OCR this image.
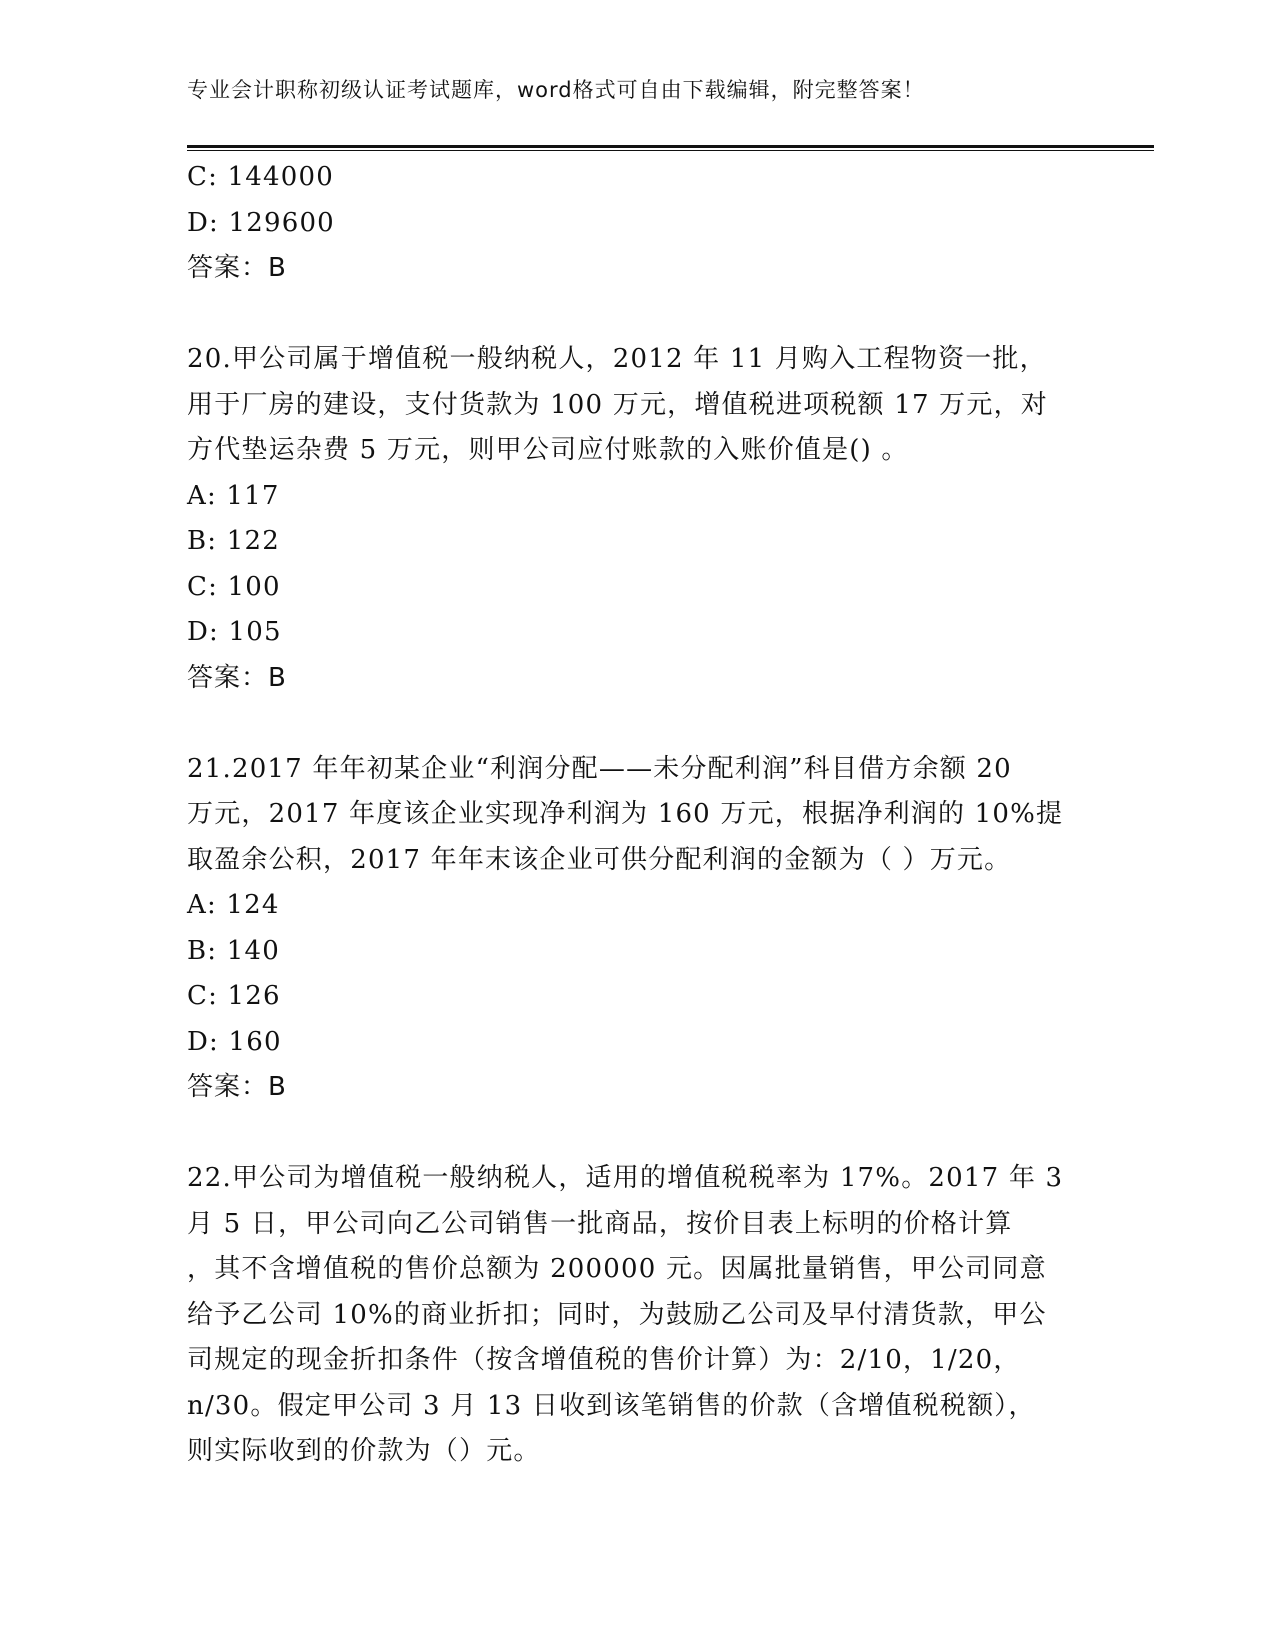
专业会计职称初级认证考试题库，word格式可自由下载编辑，附完整答案！
C: 144000
D: 129600
答案：B
20.甲公司属于增值税一般纳税人，2012 年 11 月购入工程物资一批，
用于厂房的建设，支付货款为 100 万元，增值税进项税额 17 万元，对
方代垫运杂费 5 万元，则甲公司应付账款的入账价值是() 。
A: 117
B: 122
C: 100
D: 105
答案：B
21.2017 年年初某企业“利润分配——未分配利润”科目借方余额 20
万元，2017 年度该企业实现净利润为 160 万元，根据净利润的 10%提
取盈余公积，2017 年年末该企业可供分配利润的金额为（ ）万元。
A: 124
B: 140
C: 126
D: 160
答案：B
22.甲公司为增值税一般纳税人，适用的增值税税率为 17%。2017 年 3
月 5 日，甲公司向乙公司销售一批商品，按价目表上标明的价格计算
，其不含增值税的售价总额为 200000 元。因属批量销售，甲公司同意
给予乙公司 10%的商业折扣；同时，为鼓励乙公司及早付清货款，甲公
司规定的现金折扣条件（按含增值税的售价计算）为：2/10，1/20，
n/30。假定甲公司 3 月 13 日收到该笔销售的价款（含增值税税额），
则实际收到的价款为（）元。
